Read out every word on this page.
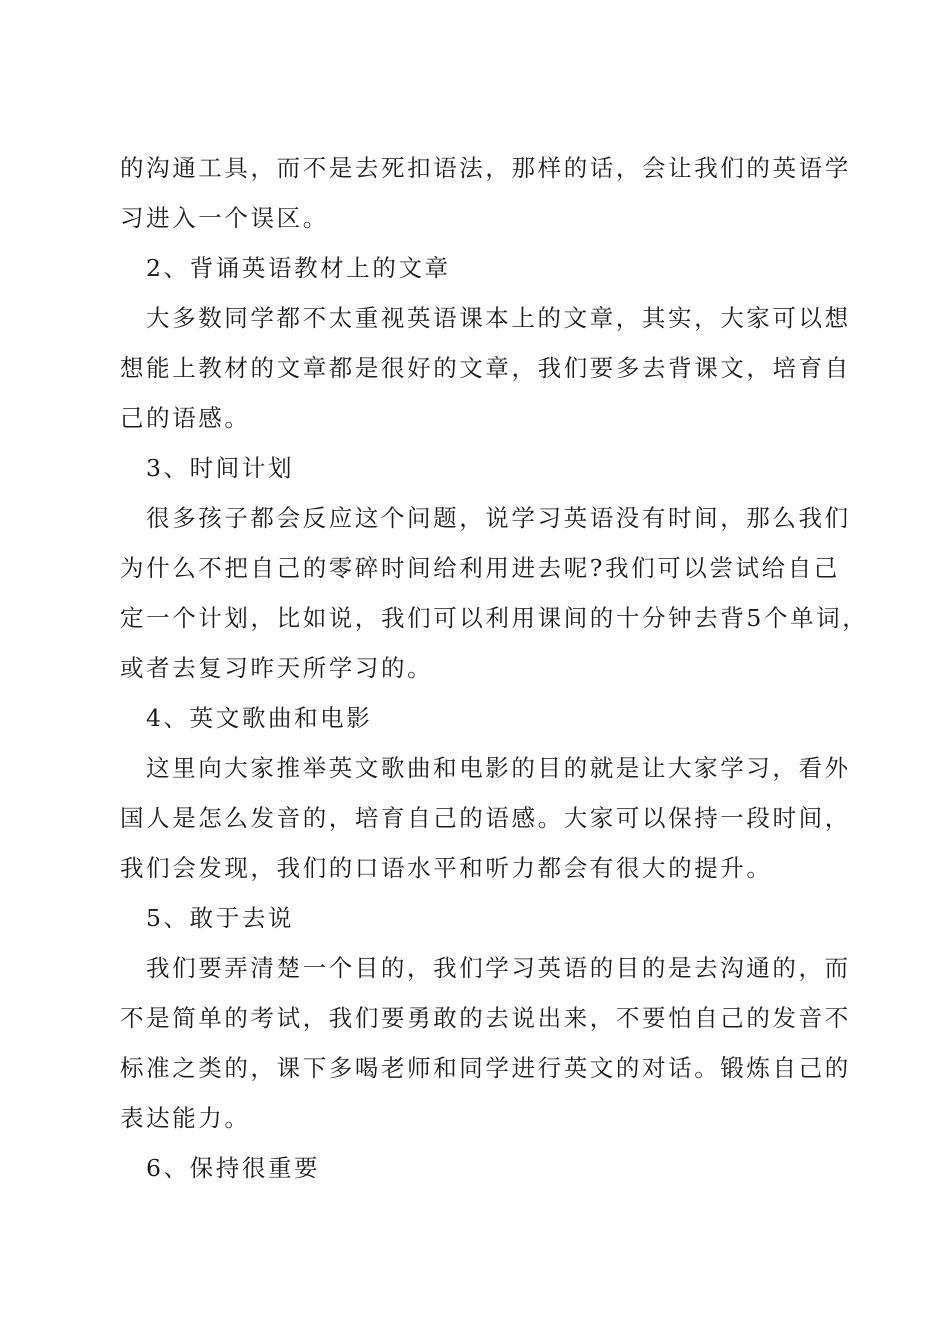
的沟通工具，而不是去死扣语法，那样的话，会让我们的英语学
习进入一个误区。
2、背诵英语教材上的文章
大多数同学都不太重视英语课本上的文章，其实，大家可以想
想能上教材的文章都是很好的文章，我们要多去背课文，培育自
己的语感。
3、时间计划
很多孩子都会反应这个问题，说学习英语没有时间，那么我们
为什么不把自己的零碎时间给利用进去呢?我们可以尝试给自己
定一个计划，比如说，我们可以利用课间的十分钟去背5个单词，
或者去复习昨天所学习的。
4、英文歌曲和电影
这里向大家推举英文歌曲和电影的目的就是让大家学习，看外
国人是怎么发音的，培育自己的语感。大家可以保持一段时间，
我们会发现，我们的口语水平和听力都会有很大的提升。
5、敢于去说
我们要弄清楚一个目的，我们学习英语的目的是去沟通的，而
不是简单的考试，我们要勇敢的去说出来，不要怕自己的发音不
标准之类的，课下多喝老师和同学进行英文的对话。锻炼自己的
表达能力。
6、保持很重要
